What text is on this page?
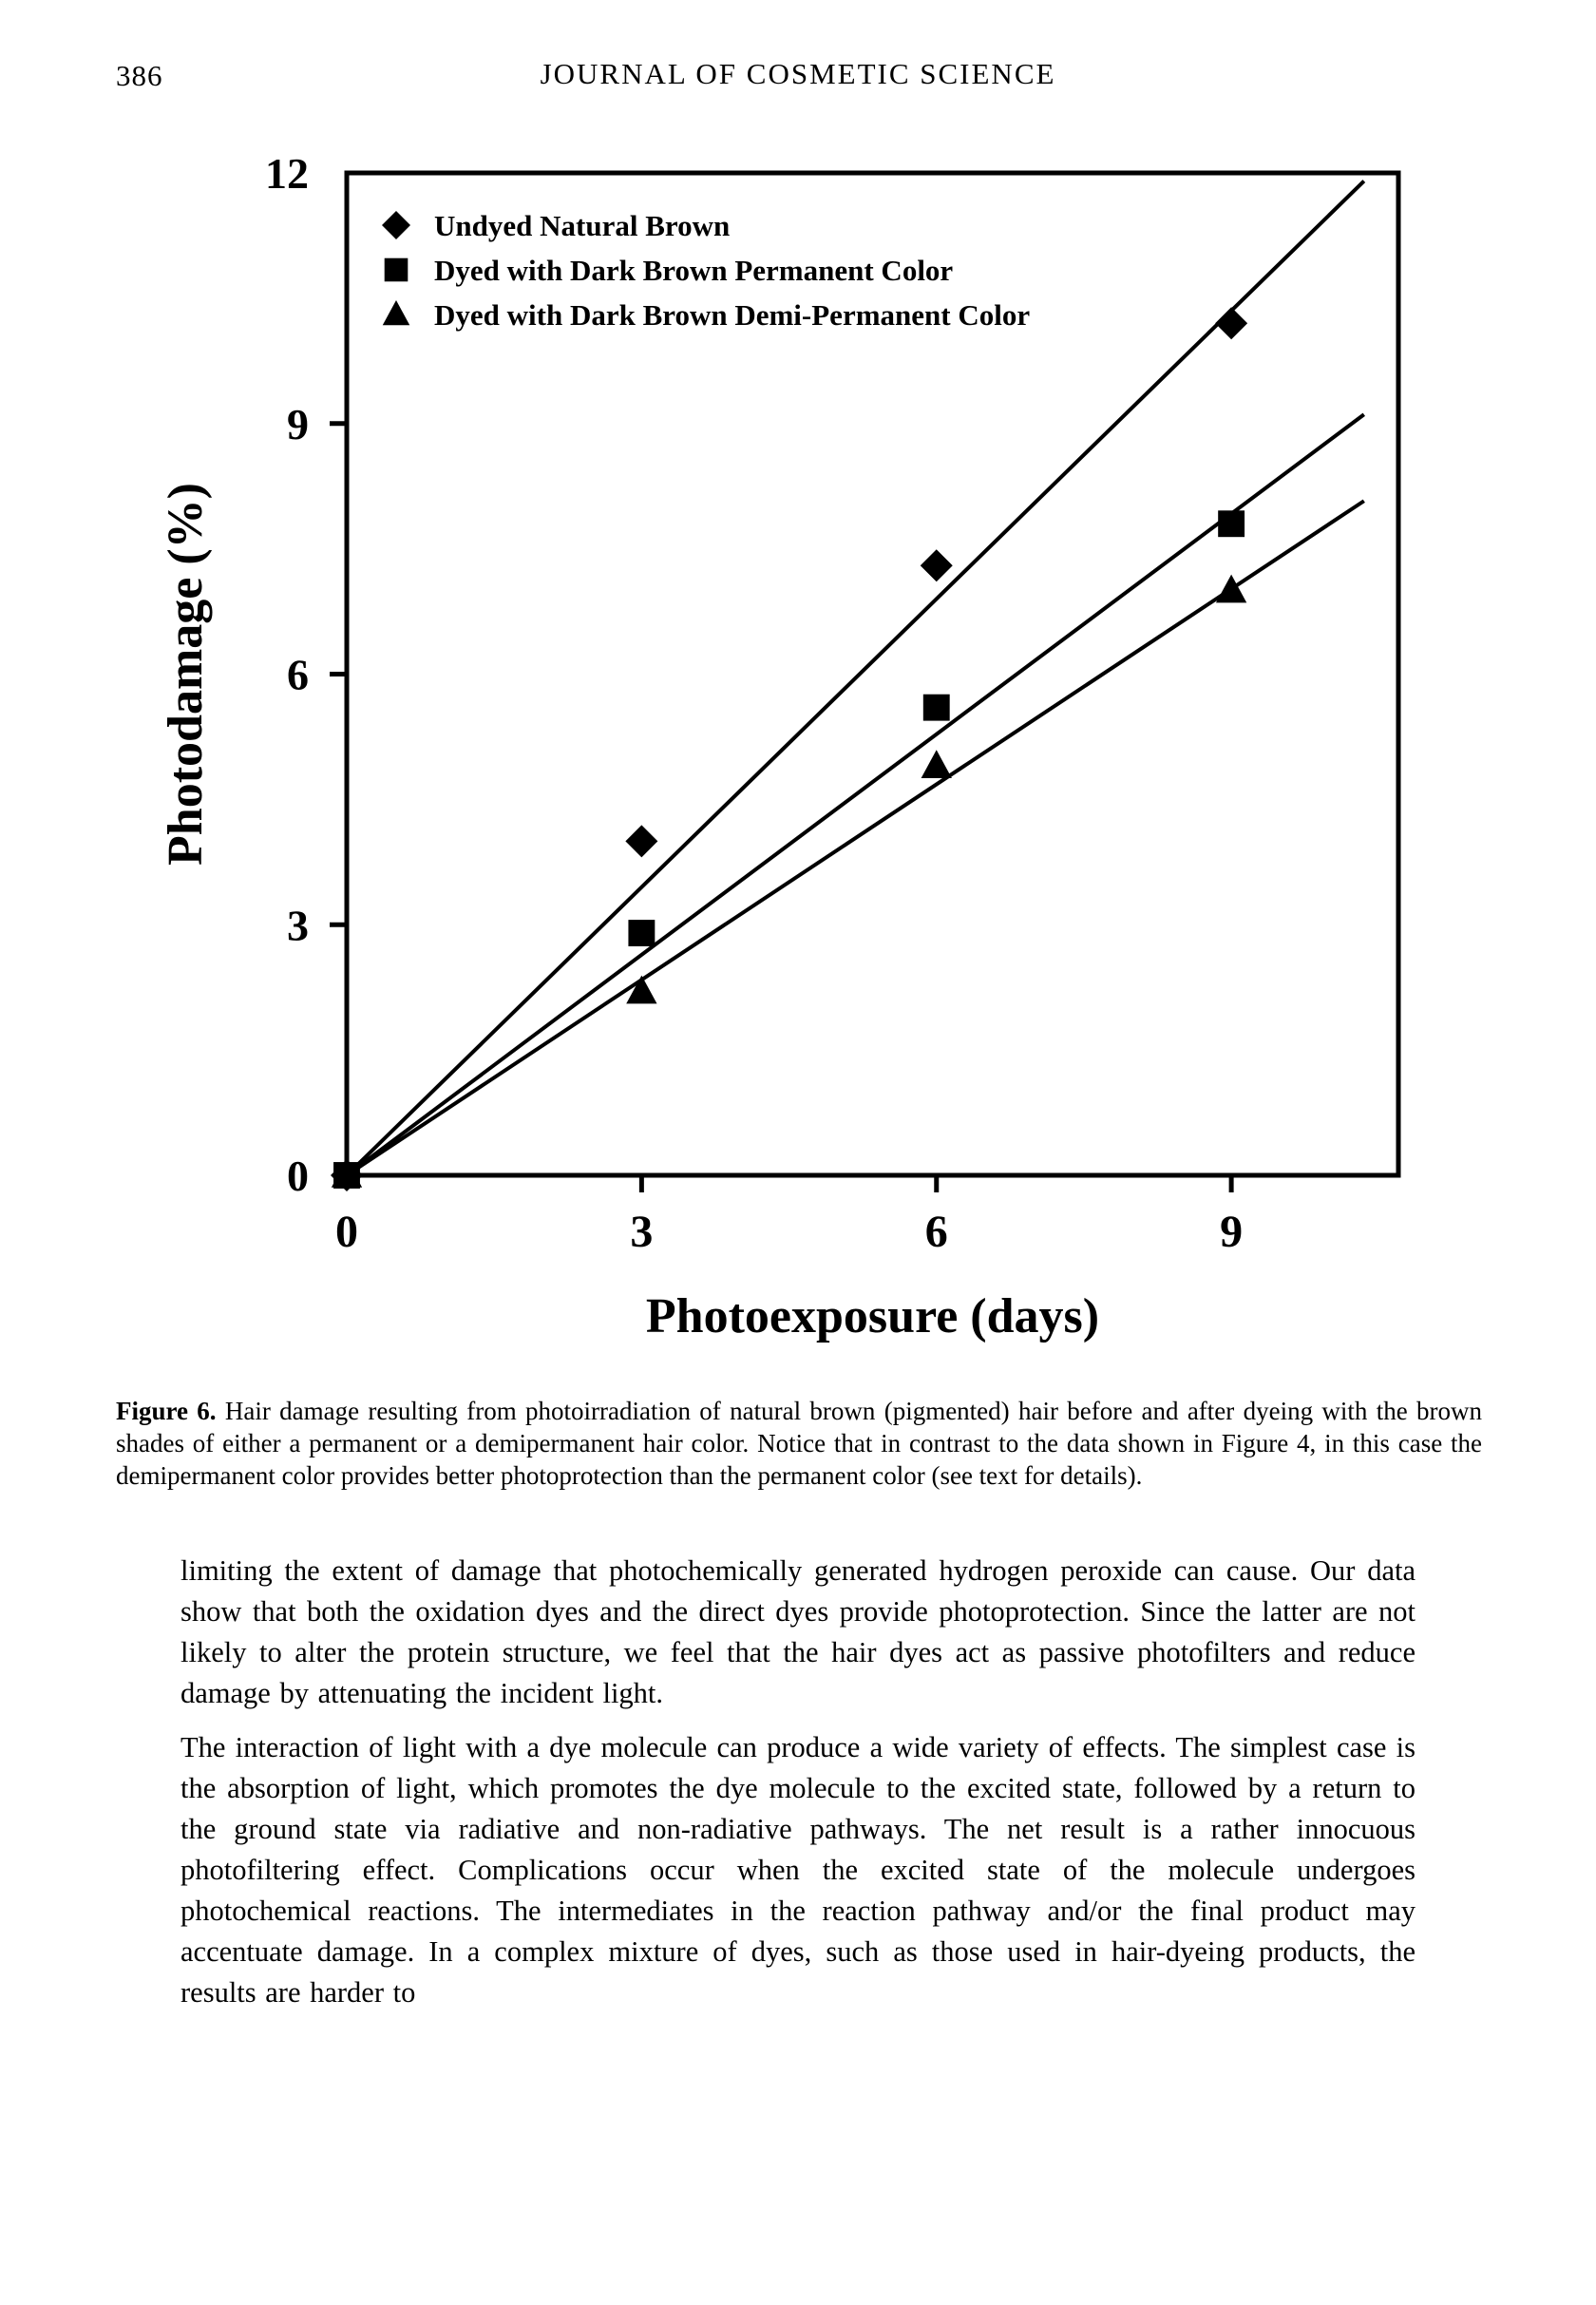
386	JOURNAL OF COSMETIC SCIENCE
0
3
6
9
12
0	3	6	9
Photoexposure (days)
Photodamage (%)
Undyed Natural Brown
Dyed with Dark Brown Permanent Color
Dyed with Dark Brown Demi-Permanent Color

Figure 6. Hair damage resulting from photoirradiation of natural brown (pigmented) hair before and after dyeing with the brown shades of either a permanent or a demipermanent hair color. Notice that in contrast to the data shown in Figure 4, in this case the demipermanent color provides better photoprotection than the permanent color (see text for details).

limiting the extent of damage that photochemically generated hydrogen peroxide can cause. Our data show that both the oxidation dyes and the direct dyes provide photoprotection. Since the latter are not likely to alter the protein structure, we feel that the hair dyes act as passive photofilters and reduce damage by attenuating the incident light.

The interaction of light with a dye molecule can produce a wide variety of effects. The simplest case is the absorption of light, which promotes the dye molecule to the excited state, followed by a return to the ground state via radiative and non-radiative pathways. The net result is a rather innocuous photofiltering effect. Complications occur when the excited state of the molecule undergoes photochemical reactions. The intermediates in the reaction pathway and/or the final product may accentuate damage. In a complex mixture of dyes, such as those used in hair-dyeing products, the results are harder to
